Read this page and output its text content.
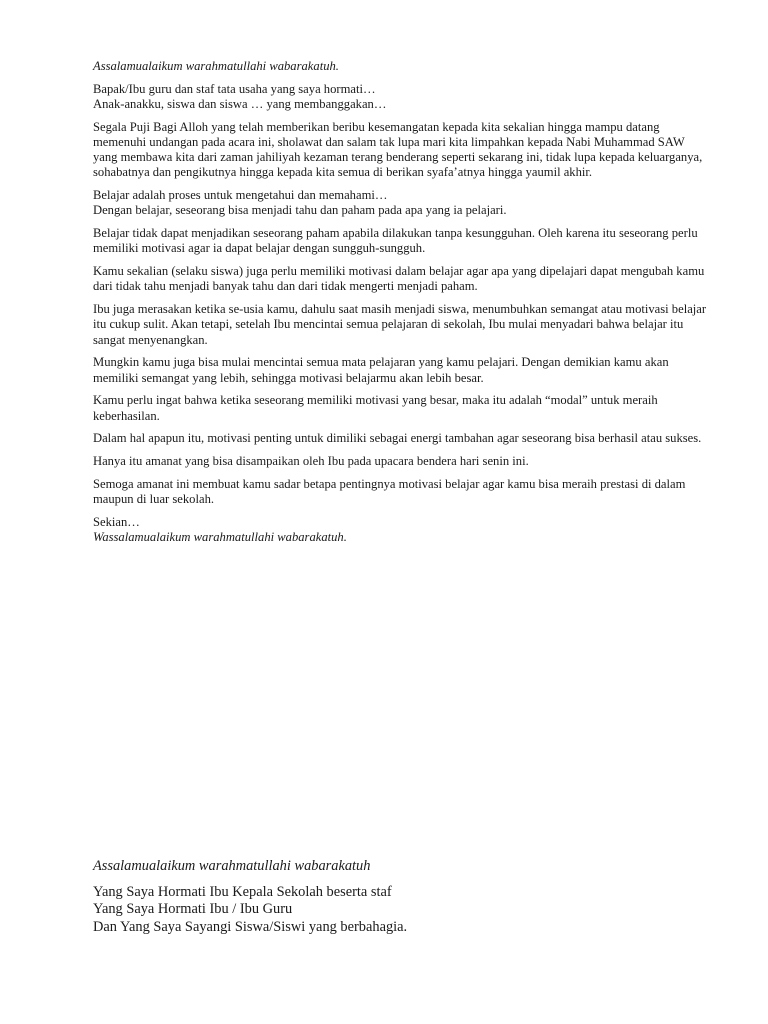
Assalamualaikum warahmatullahi wabarakatuh.

Bapak/Ibu guru dan staf tata usaha yang saya hormati…
Anak-anakku, siswa dan siswa … yang membanggakan…

Segala Puji Bagi Alloh yang telah memberikan beribu kesemangatan kepada kita sekalian hingga mampu datang memenuhi undangan pada acara ini, sholawat dan salam tak lupa mari kita limpahkan kepada Nabi Muhammad SAW yang membawa kita dari zaman jahiliyah kezaman terang benderang seperti sekarang ini, tidak lupa kepada keluarganya, sohabatnya dan pengikutnya hingga kepada kita semua di berikan syafa’atnya hingga yaumil akhir.

Belajar adalah proses untuk mengetahui dan memahami…
Dengan belajar, seseorang bisa menjadi tahu dan paham pada apa yang ia pelajari.

Belajar tidak dapat menjadikan seseorang paham apabila dilakukan tanpa kesungguhan. Oleh karena itu seseorang perlu memiliki motivasi agar ia dapat belajar dengan sungguh-sungguh.

Kamu sekalian (selaku siswa) juga perlu memiliki motivasi dalam belajar agar apa yang dipelajari dapat mengubah kamu dari tidak tahu menjadi banyak tahu dan dari tidak mengerti menjadi paham.

Ibu juga merasakan ketika se-usia kamu, dahulu saat masih menjadi siswa, menumbuhkan semangat atau motivasi belajar itu cukup sulit. Akan tetapi, setelah Ibu mencintai semua pelajaran di sekolah, Ibu mulai menyadari bahwa belajar itu sangat menyenangkan.

Mungkin kamu juga bisa mulai mencintai semua mata pelajaran yang kamu pelajari. Dengan demikian kamu akan memiliki semangat yang lebih, sehingga motivasi belajarmu akan lebih besar.

Kamu perlu ingat bahwa ketika seseorang memiliki motivasi yang besar, maka itu adalah “modal” untuk meraih keberhasilan.

Dalam hal apapun itu, motivasi penting untuk dimiliki sebagai energi tambahan agar seseorang bisa berhasil atau sukses.

Hanya itu amanat yang bisa disampaikan oleh Ibu pada upacara bendera hari senin ini.

Semoga amanat ini membuat kamu sadar betapa pentingnya motivasi belajar agar kamu bisa meraih prestasi di dalam maupun di luar sekolah.

Sekian…
Wassalamualaikum warahmatullahi wabarakatuh.

Assalamualaikum warahmatullahi wabarakatuh

Yang Saya Hormati Ibu Kepala Sekolah beserta staf
Yang Saya Hormati Ibu / Ibu Guru
Dan Yang Saya Sayangi Siswa/Siswi yang berbahagia.
